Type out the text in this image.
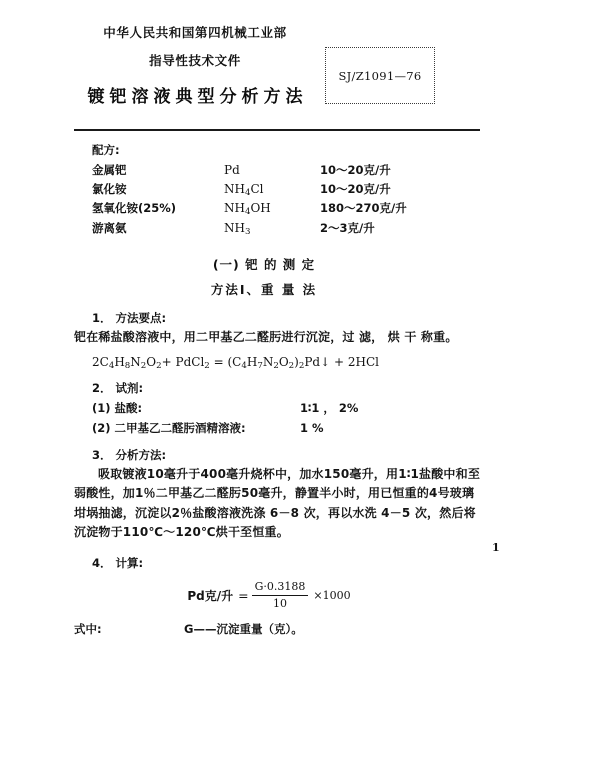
中华人民共和国第四机械工业部
指导性技术文件
SJ/Z1091—76
镀钯溶液典型分析方法
配方:
金属钯	Pd	10～20克/升
氯化铵	$NH_4Cl$	10～20克/升
氢氧化铵(25%)	$NH_4OH$	180～270克/升
游离氨	$NH_3$	2～3克/升
(一) 钯 的 测 定
方法I、重 量 法
1． 方法要点:

钯在稀盐酸溶液中，用二甲基乙二醛肟进行沉淀，过 滤， 烘 干 称重。

$2C_4H_8N_2O_2+$ PdCl$_2$ = $(C_4H_7N_2O_2)_2Pd↓ + 2HCl$
2． 试剂:
(1) 盐酸:	1∶1 ， 2%
(2) 二甲基乙二醛肟酒精溶液:	1 %
3． 分析方法:

吸取镀液10毫升于400毫升烧杯中，加水150毫升，用1∶1盐酸中和至弱酸性，加1％二甲基乙二醛肟50毫升，静置半小时，用已恒重的4号玻璃坩埚抽滤，沉淀以2％盐酸溶液洗涤 6－8 次，再以水洗 4－5 次，然后将沉淀物于110℃～120℃烘干至恒重。

4． 计算:
Pd克/升 = $\frac{G\cdot 0.3188}{10} \times 1000$
式中:	G——沉淀重量（克）。
1
